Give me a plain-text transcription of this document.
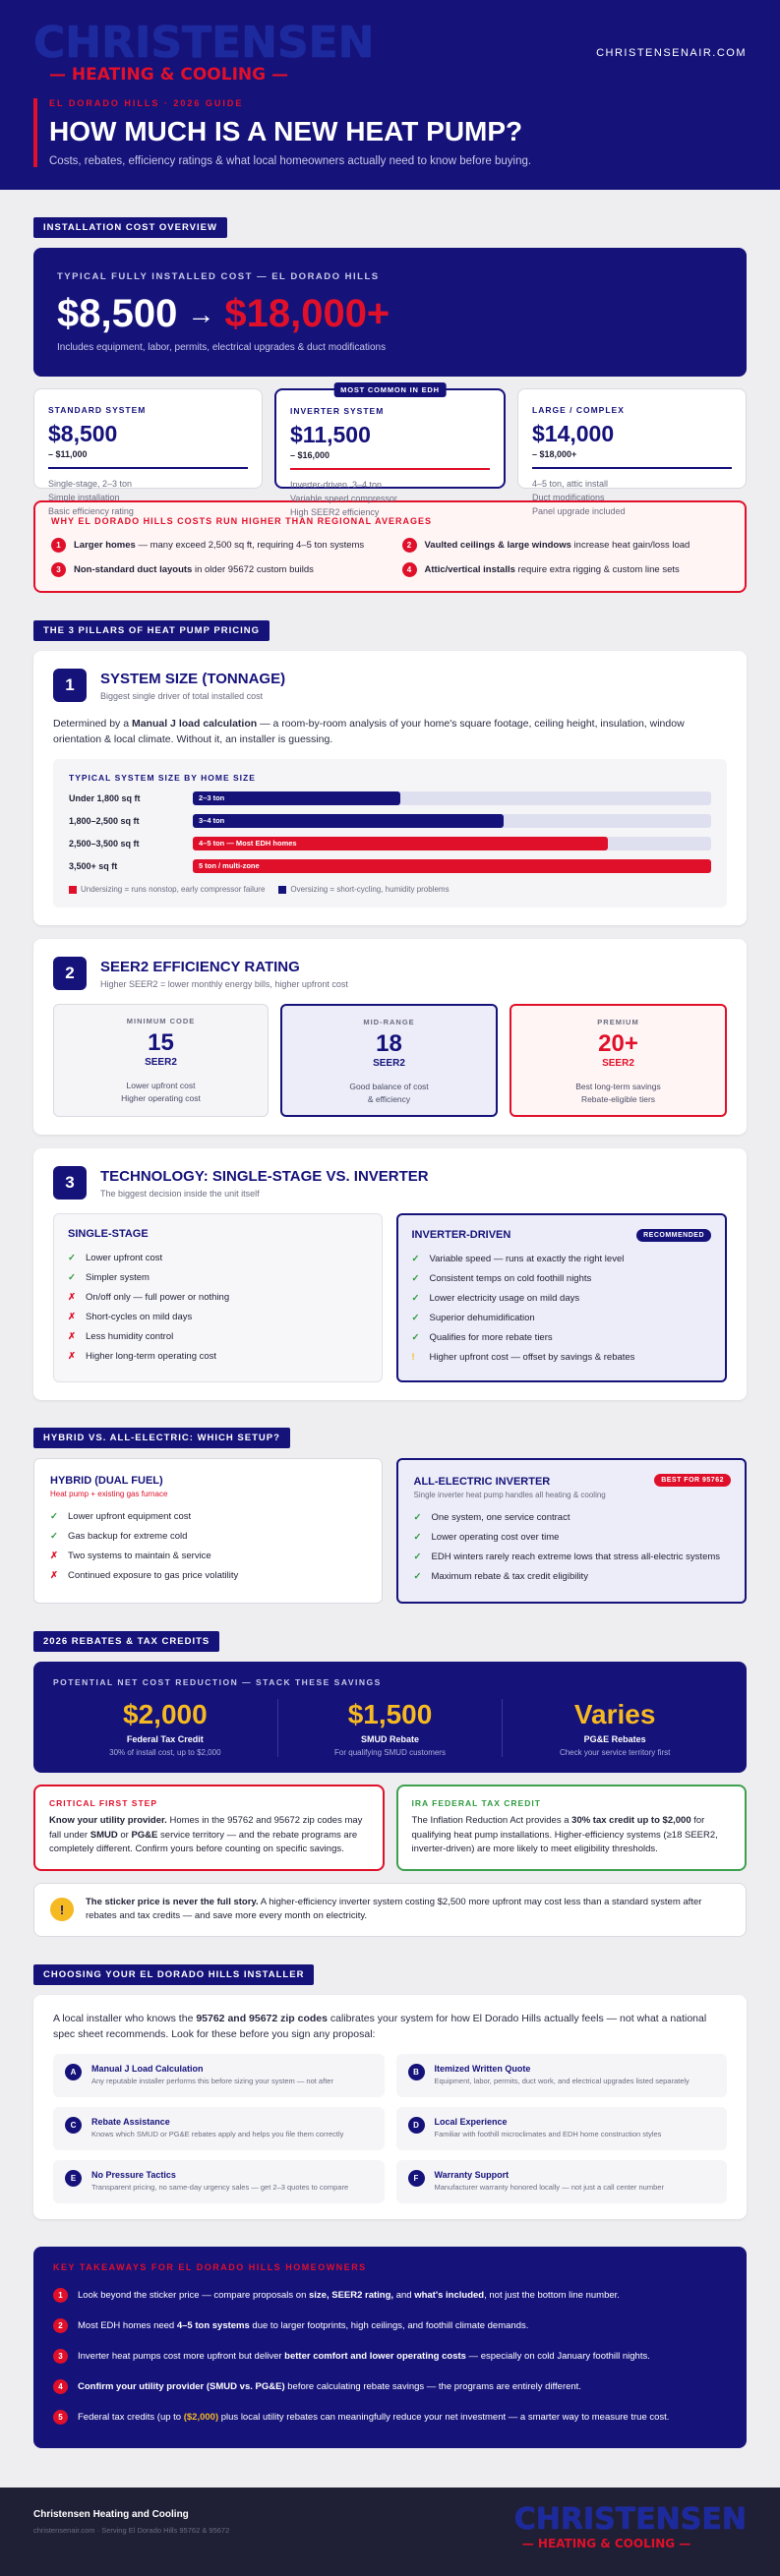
CHRISTENSEN
— HEATING & COOLING —
CHRISTENSENAIR.COM
EL DORADO HILLS · 2026 GUIDE
HOW MUCH IS A NEW HEAT PUMP?
Costs, rebates, efficiency ratings & what local homeowners actually need to know before buying.
INSTALLATION COST OVERVIEW
TYPICAL FULLY INSTALLED COST — EL DORADO HILLS
$8,500 → $18,000+
Includes equipment, labor, permits, electrical upgrades & duct modifications
STANDARD SYSTEM
$8,500
– $11,000
Single-stage, 2–3 ton
Simple installation
Basic efficiency rating
MOST COMMON IN EDH
INVERTER SYSTEM
$11,500
– $16,000
Inverter-driven, 3–4 ton
Variable speed compressor
High SEER2 efficiency
LARGE / COMPLEX
$14,000
– $18,000+
4–5 ton, attic install
Duct modifications
Panel upgrade included
WHY EL DORADO HILLS COSTS RUN HIGHER THAN REGIONAL AVERAGES
1	Larger homes — many exceed 2,500 sq ft, requiring 4–5 ton systems	2	Vaulted ceilings & large windows increase heat gain/loss load
3	Non-standard duct layouts in older 95672 custom builds	4	Attic/vertical installs require extra rigging & custom line sets
THE 3 PILLARS OF HEAT PUMP PRICING
1	SYSTEM SIZE (TONNAGE)
Biggest single driver of total installed cost

Determined by a Manual J load calculation — a room-by-room analysis of your home's square footage, ceiling height, insulation, window orientation & local climate. Without it, an installer is guessing.

TYPICAL SYSTEM SIZE BY HOME SIZE
Under 1,800 sq ft	2–3 ton
1,800–2,500 sq ft	3–4 ton
2,500–3,500 sq ft	4–5 ton — Most EDH homes
3,500+ sq ft	5 ton / multi-zone
Undersizing = runs nonstop, early compressor failure	Oversizing = short-cycling, humidity problems
2	SEER2 EFFICIENCY RATING
Higher SEER2 = lower monthly energy bills, higher upfront cost
MINIMUM CODE
15
SEER2
Lower upfront cost
Higher operating cost
MID-RANGE
18
SEER2
Good balance of cost
& efficiency
PREMIUM
20+
SEER2
Best long-term savings
Rebate-eligible tiers
3	TECHNOLOGY: SINGLE-STAGE VS. INVERTER
The biggest decision inside the unit itself
SINGLE-STAGE
✓ Lower upfront cost
✓ Simpler system
✗ On/off only — full power or nothing
✗ Short-cycles on mild days
✗ Less humidity control
✗ Higher long-term operating cost
INVERTER-DRIVEN	RECOMMENDED
✓ Variable speed — runs at exactly the right level
✓ Consistent temps on cold foothill nights
✓ Lower electricity usage on mild days
✓ Superior dehumidification
✓ Qualifies for more rebate tiers
!	Higher upfront cost — offset by savings & rebates
HYBRID VS. ALL-ELECTRIC: WHICH SETUP?
HYBRID (DUAL FUEL)
Heat pump + existing gas furnace
✓ Lower upfront equipment cost
✓ Gas backup for extreme cold
✗ Two systems to maintain & service
✗ Continued exposure to gas price volatility
ALL-ELECTRIC INVERTER	BEST FOR 95762
Single inverter heat pump handles all heating & cooling
✓ One system, one service contract
✓ Lower operating cost over time
✓ EDH winters rarely reach extreme lows that stress all-electric systems
✓ Maximum rebate & tax credit eligibility
2026 REBATES & TAX CREDITS
POTENTIAL NET COST REDUCTION — STACK THESE SAVINGS
$2,000
Federal Tax Credit
30% of install cost, up to $2,000
$1,500
SMUD Rebate
For qualifying SMUD customers
Varies
PG&E Rebates
Check your service territory first
CRITICAL FIRST STEP

Know your utility provider. Homes in the 95762 and 95672 zip codes may fall under SMUD or PG&E service territory — and the rebate programs are completely different. Confirm yours before counting on specific savings.

IRA FEDERAL TAX CREDIT

The Inflation Reduction Act provides a 30% tax credit up to $2,000 for qualifying heat pump installations. Higher-efficiency systems (≥18 SEER2, inverter-driven) are more likely to meet eligibility thresholds.

!

The sticker price is never the full story. A higher-efficiency inverter system costing $2,500 more upfront may cost less than a standard system after rebates and tax credits — and save more every month on electricity.

CHOOSING YOUR EL DORADO HILLS INSTALLER

A local installer who knows the 95762 and 95672 zip codes calibrates your system for how El Dorado Hills actually feels — not what a national spec sheet recommends. Look for these before you sign any proposal:

A	Manual J Load Calculation
Any reputable installer performs this before sizing your system — not after
B	Itemized Written Quote
Equipment, labor, permits, duct work, and electrical upgrades listed separately
C	Rebate Assistance
Knows which SMUD or PG&E rebates apply and helps you file them correctly
D	Local Experience
Familiar with foothill microclimates and EDH home construction styles
E	No Pressure Tactics
Transparent pricing, no same-day urgency sales — get 2–3 quotes to compare
F	Warranty Support
Manufacturer warranty honored locally — not just a call center number
KEY TAKEAWAYS FOR EL DORADO HILLS HOMEOWNERS
1	Look beyond the sticker price — compare proposals on size, SEER2 rating, and what's included, not just the bottom line number.
2	Most EDH homes need 4–5 ton systems due to larger footprints, high ceilings, and foothill climate demands.
3	Inverter heat pumps cost more upfront but deliver better comfort and lower operating costs — especially on cold January foothill nights.
4	Confirm your utility provider (SMUD vs. PG&E) before calculating rebate savings — the programs are entirely different.
5	Federal tax credits (up to ($2,000) plus local utility rebates can meaningfully reduce your net investment — a smarter way to measure true cost.
Christensen Heating and Cooling
christensenair.com · Serving El Dorado Hills 95762 & 95672	CHRISTENSEN
— HEATING & COOLING —
